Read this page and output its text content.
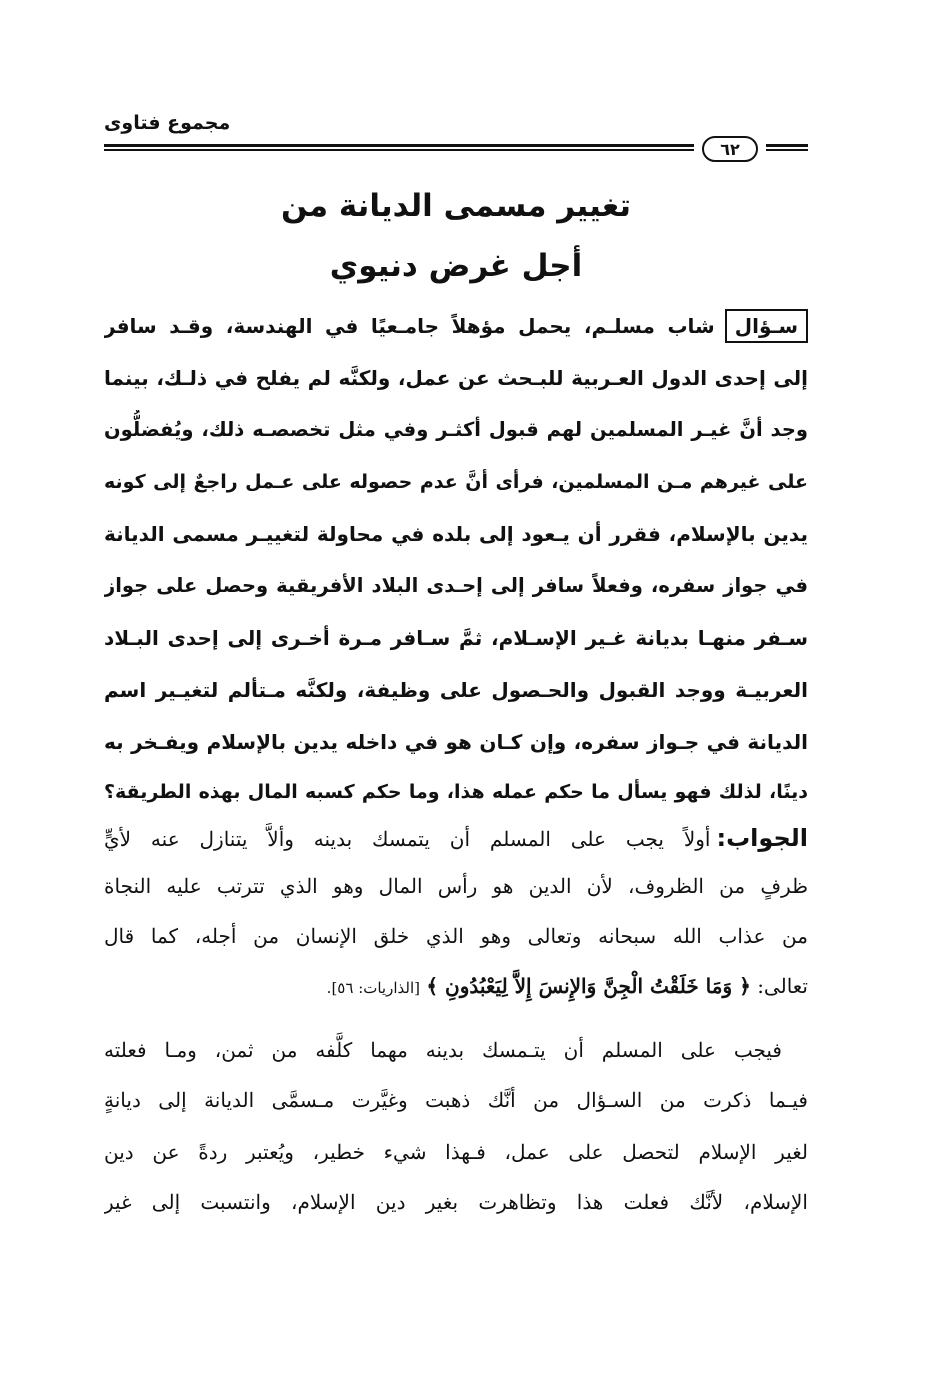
مجموع فتاوى
٦٢
تغيير مسمى الديانة من
أجل غرض دنيوي
سـؤالشاب مسلـم، يحمل مؤهلاً جامـعيًا في الهندسة، وقـد سافر
إلى إحدى الدول العـربية للبـحث عن عمل، ولكنَّه لم يفلح في ذلـك، بينما
وجد أنَّ غيـر المسلمين لهم قبول أكثـر وفي مثل تخصصـه ذلك، ويُفضلُّون
على غيرهم مـن المسلمين، فرأى أنَّ عدم حصوله على عـمل راجعٌ إلى كونه
يدين بالإسلام، فقرر أن يـعود إلى بلده في محاولة لتغييـر مسمى الديانة
في جواز سفره، وفعلاً سافر إلى إحـدى البلاد الأفريقية وحصل على جواز
سـفر منهـا بديانة غـير الإسـلام، ثمَّ سـافر مـرة أخـرى إلى إحدى البـلاد
العربيـة ووجد القبول والحـصول على وظيفة، ولكنَّه مـتألم لتغيـير اسم
الديانة في جـواز سفره، وإن كـان هو في داخله يدين بالإسلام ويفـخر به
دينًا، لذلك فهو يسأل ما حكم عمله هذا، وما حكم كسبه المال بهذه الطريقة؟
الجواب:أولاً يجب على المسلم أن يتمسك بدينه وألاَّ يتنازل عنه لأيٍّ
ظرفٍ من الظروف، لأن الدين هو رأس المال وهو الذي تترتب عليه النجاة
من عذاب الله سبحانه وتعالى وهو الذي خلق الإنسان من أجله، كما قال
تعالى: ﴿ وَمَا خَلَقْتُ الْجِنَّ وَالإِنسَ إِلاَّ لِيَعْبُدُونِ ﴾ [الذاريات: ٥٦].
فيجب على المسلم أن يتـمسك بدينه مهما كلَّفه من ثمن، ومـا فعلته
فيـما ذكرت من السـؤال من أنَّك ذهبت وغيَّرت مـسمَّى الديانة إلى ديانةٍ
لغير الإسلام لتحصل على عمل، فـهذا شيء خطير، ويُعتبر ردةً عن دين
الإسلام، لأنَّك فعلت هذا وتظاهرت بغير دين الإسلام، وانتسبت إلى غير
